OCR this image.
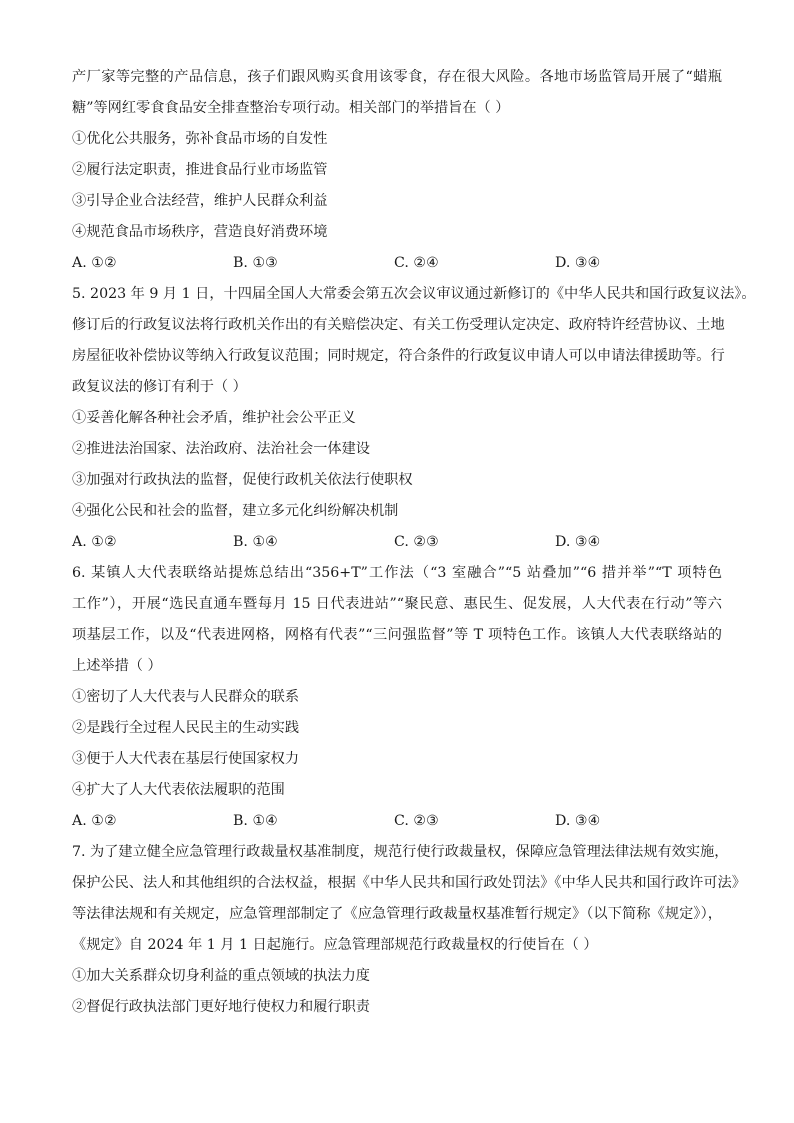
产厂家等完整的产品信息，孩子们跟风购买食用该零食，存在很大风险。各地市场监管局开展了“蜡瓶
糖”等网红零食食品安全排查整治专项行动。相关部门的举措旨在（ ）
①优化公共服务，弥补食品市场的自发性
②履行法定职责，推进食品行业市场监管
③引导企业合法经营，维护人民群众利益
④规范食品市场秩序，营造良好消费环境
A. ①②	B. ①③	C. ②④	D. ③④
5. 2023 年 9 月 1 日，十四届全国人大常委会第五次会议审议通过新修订的《中华人民共和国行政复议法》。
修订后的行政复议法将行政机关作出的有关赔偿决定、有关工伤受理认定决定、政府特许经营协议、土地
房屋征收补偿协议等纳入行政复议范围；同时规定，符合条件的行政复议申请人可以申请法律援助等。行
政复议法的修订有利于（ ）
①妥善化解各种社会矛盾，维护社会公平正义
②推进法治国家、法治政府、法治社会一体建设
③加强对行政执法的监督，促使行政机关依法行使职权
④强化公民和社会的监督，建立多元化纠纷解决机制
A. ①②	B. ①④	C. ②③	D. ③④
6. 某镇人大代表联络站提炼总结出“356+T”工作法（“3 室融合”“5 站叠加”“6 措并举”“T 项特色
工作”），开展“选民直通车暨每月 15 日代表进站”“聚民意、惠民生、促发展，人大代表在行动”等六
项基层工作，以及“代表进网格，网格有代表”“三问强监督”等 T 项特色工作。该镇人大代表联络站的
上述举措（ ）
①密切了人大代表与人民群众的联系
②是践行全过程人民民主的生动实践
③便于人大代表在基层行使国家权力
④扩大了人大代表依法履职的范围
A. ①②	B. ①④	C. ②③	D. ③④
7. 为了建立健全应急管理行政裁量权基准制度，规范行使行政裁量权，保障应急管理法律法规有效实施，
保护公民、法人和其他组织的合法权益，根据《中华人民共和国行政处罚法》《中华人民共和国行政许可法》
等法律法规和有关规定，应急管理部制定了《应急管理行政裁量权基准暂行规定》（以下简称《规定》），
《规定》自 2024 年 1 月 1 日起施行。应急管理部规范行政裁量权的行使旨在（ ）
①加大关系群众切身利益的重点领域的执法力度
②督促行政执法部门更好地行使权力和履行职责
